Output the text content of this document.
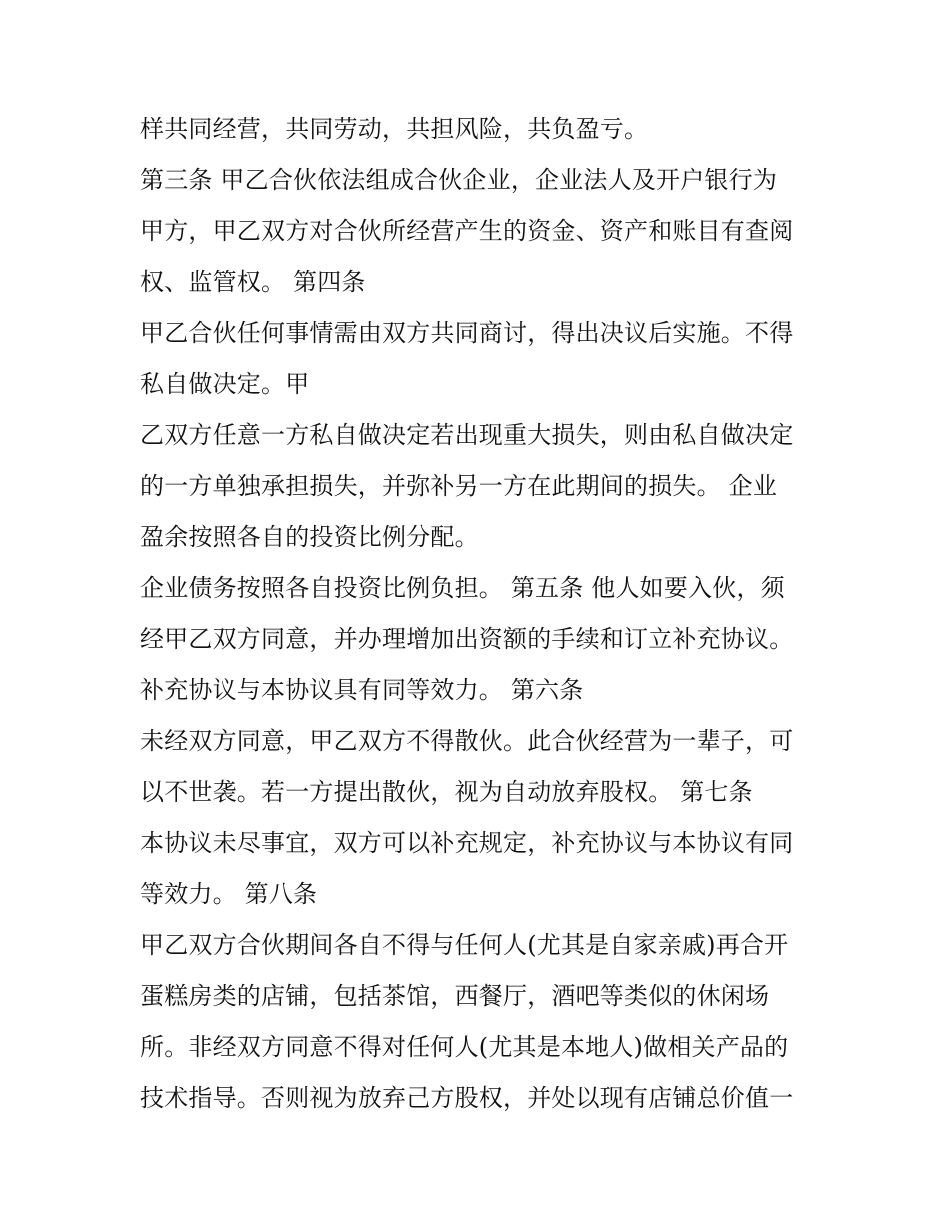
样共同经营，共同劳动，共担风险，共负盈亏。
第三条 甲乙合伙依法组成合伙企业，企业法人及开户银行为
甲方，甲乙双方对合伙所经营产生的资金、资产和账目有查阅
权、监管权。 第四条
甲乙合伙任何事情需由双方共同商讨，得出决议后实施。不得
私自做决定。甲
乙双方任意一方私自做决定若出现重大损失，则由私自做决定
的一方单独承担损失，并弥补另一方在此期间的损失。 企业
盈余按照各自的投资比例分配。
企业债务按照各自投资比例负担。 第五条 他人如要入伙，须
经甲乙双方同意，并办理增加出资额的手续和订立补充协议。
补充协议与本协议具有同等效力。 第六条
未经双方同意，甲乙双方不得散伙。此合伙经营为一辈子，可
以不世袭。若一方提出散伙，视为自动放弃股权。 第七条
本协议未尽事宜，双方可以补充规定，补充协议与本协议有同
等效力。 第八条
甲乙双方合伙期间各自不得与任何人(尤其是自家亲戚)再合开
蛋糕房类的店铺，包括茶馆，西餐厅，酒吧等类似的休闲场
所。非经双方同意不得对任何人(尤其是本地人)做相关产品的
技术指导。否则视为放弃己方股权，并处以现有店铺总价值一
